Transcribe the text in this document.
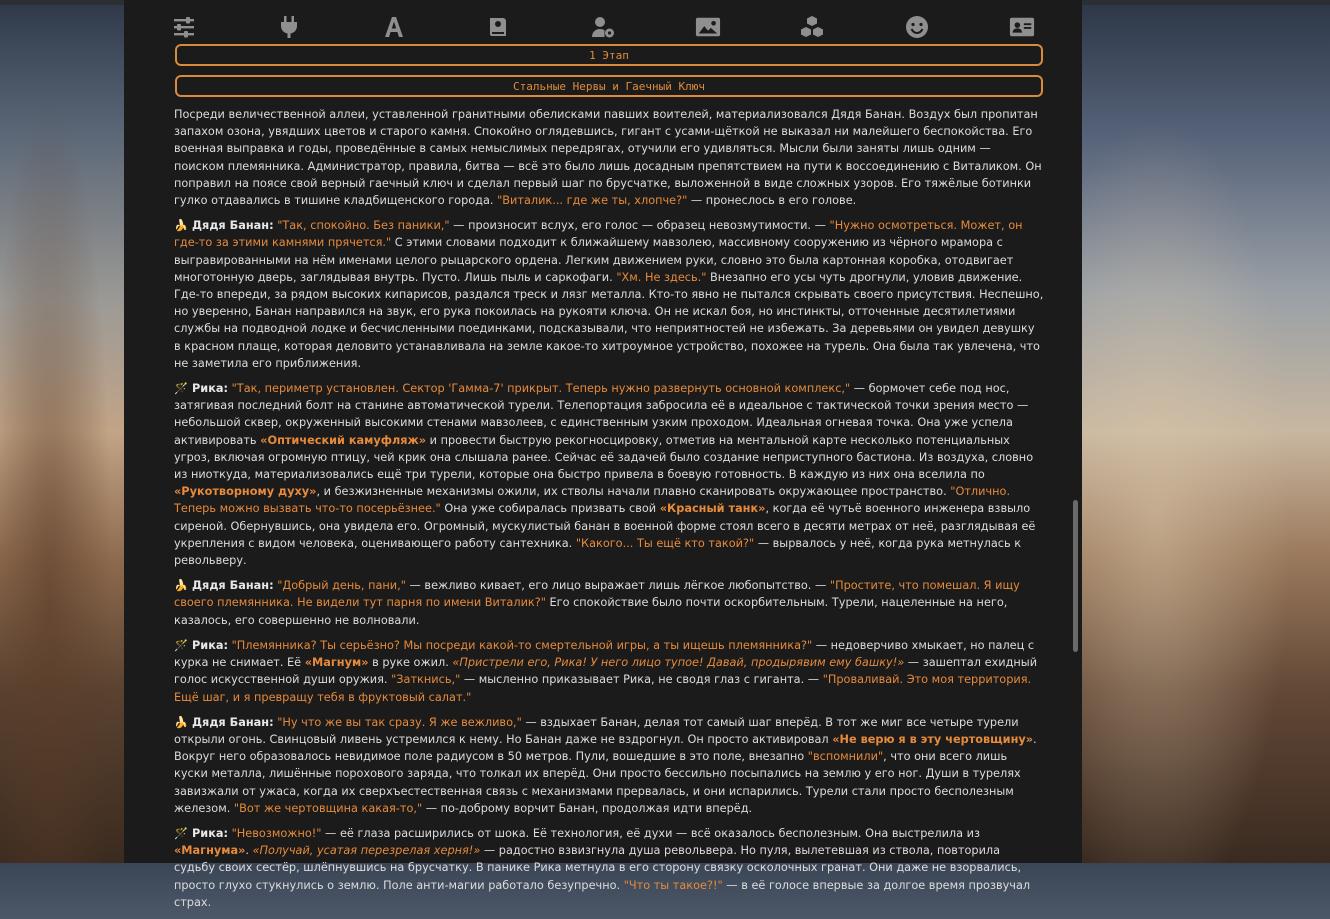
1 Этап
Стальные Нервы и Гаечный Ключ

Посреди величественной аллеи, уставленной гранитными обелисками павших воителей, материализовался Дядя Банан. Воздух был пропитан запахом озона, увядших цветов и старого камня. Спокойно оглядевшись, гигант с усами-щёткой не выказал ни малейшего беспокойства. Его военная выправка и годы, проведённые в самых немыслимых передрягах, отучили его удивляться. Мысли были заняты лишь одним — поиском племянника. Администратор, правила, битва — всё это было лишь досадным препятствием на пути к воссоединению с Виталиком. Он поправил на поясе свой верный гаечный ключ и сделал первый шаг по брусчатке, выложенной в виде сложных узоров. Его тяжёлые ботинки гулко отдавались в тишине кладбищенского города. "Виталик... где же ты, хлопче?" — пронеслось в его голове.

🍌 Дядя Банан: "Так, спокойно. Без паники," — произносит вслух, его голос — образец невозмутимости. — "Нужно осмотреться. Может, он где-то за этими камнями прячется." С этими словами подходит к ближайшему мавзолею, массивному сооружению из чёрного мрамора с выгравированными на нём именами целого рыцарского ордена. Легким движением руки, словно это была картонная коробка, отодвигает многотонную дверь, заглядывая внутрь. Пусто. Лишь пыль и саркофаги. "Хм. Не здесь." Внезапно его усы чуть дрогнули, уловив движение. Где-то впереди, за рядом высоких кипарисов, раздался треск и лязг металла. Кто-то явно не пытался скрывать своего присутствия. Неспешно, но уверенно, Банан направился на звук, его рука покоилась на рукояти ключа. Он не искал боя, но инстинкты, отточенные десятилетиями службы на подводной лодке и бесчисленными поединками, подсказывали, что неприятностей не избежать. За деревьями он увидел девушку в красном плаще, которая деловито устанавливала на земле какое-то хитроумное устройство, похожее на турель. Она была так увлечена, что не заметила его приближения.

🪄 Рика: "Так, периметр установлен. Сектор 'Гамма-7' прикрыт. Теперь нужно развернуть основной комплекс," — бормочет себе под нос, затягивая последний болт на станине автоматической турели. Телепортация забросила её в идеальное с тактической точки зрения место — небольшой сквер, окруженный высокими стенами мавзолеев, с единственным узким проходом. Идеальная огневая точка. Она уже успела активировать «Оптический камуфляж» и провести быструю рекогносцировку, отметив на ментальной карте несколько потенциальных угроз, включая огромную птицу, чей крик она слышала ранее. Сейчас её задачей было создание неприступного бастиона. Из воздуха, словно из ниоткуда, материализовались ещё три турели, которые она быстро привела в боевую готовность. В каждую из них она вселила по «Рукотворному духу», и безжизненные механизмы ожили, их стволы начали плавно сканировать окружающее пространство. "Отлично. Теперь можно вызвать что-то посерьёзнее." Она уже собиралась призвать свой «Красный танк», когда её чутьё военного инженера взвыло сиреной. Обернувшись, она увидела его. Огромный, мускулистый банан в военной форме стоял всего в десяти метрах от неё, разглядывая её укрепления с видом человека, оценивающего работу сантехника. "Какого... Ты ещё кто такой?" — вырвалось у неё, когда рука метнулась к револьверу.

🍌 Дядя Банан: "Добрый день, пани," — вежливо кивает, его лицо выражает лишь лёгкое любопытство. — "Простите, что помешал. Я ищу своего племянника. Не видели тут парня по имени Виталик?" Его спокойствие было почти оскорбительным. Турели, нацеленные на него, казалось, его совершенно не волновали.

🪄 Рика: "Племянника? Ты серьёзно? Мы посреди какой-то смертельной игры, а ты ищешь племянника?" — недоверчиво хмыкает, но палец с курка не снимает. Её «Магнум» в руке ожил. «Пристрели его, Рика! У него лицо тупое! Давай, продырявим ему башку!» — зашептал ехидный голос искусственной души оружия. "Заткнись," — мысленно приказывает Рика, не сводя глаз с гиганта. — "Проваливай. Это моя территория. Ещё шаг, и я превращу тебя в фруктовый салат."

🍌 Дядя Банан: "Ну что же вы так сразу. Я же вежливо," — вздыхает Банан, делая тот самый шаг вперёд. В тот же миг все четыре турели открыли огонь. Свинцовый ливень устремился к нему. Но Банан даже не вздрогнул. Он просто активировал «Не верю я в эту чертовщину». Вокруг него образовалось невидимое поле радиусом в 50 метров. Пули, вошедшие в это поле, внезапно "вспомнили", что они всего лишь куски металла, лишённые порохового заряда, что толкал их вперёд. Они просто бессильно посыпались на землю у его ног. Души в турелях завизжали от ужаса, когда их сверхъестественная связь с механизмами прервалась, и они испарились. Турели стали просто бесполезным железом. "Вот же чертовщина какая-то," — по-доброму ворчит Банан, продолжая идти вперёд.

🪄 Рика: "Невозможно!" — её глаза расширились от шока. Её технология, её духи — всё оказалось бесполезным. Она выстрелила из «Магнума». «Получай, усатая перезрелая херня!» — радостно взвизгнула душа револьвера. Но пуля, вылетевшая из ствола, повторила судьбу своих сестёр, шлёпнувшись на брусчатку. В панике Рика метнула в его сторону связку осколочных гранат. Они даже не взорвались, просто глухо стукнулись о землю. Поле анти-магии работало безупречно. "Что ты такое?!" — в её голосе впервые за долгое время прозвучал страх.
